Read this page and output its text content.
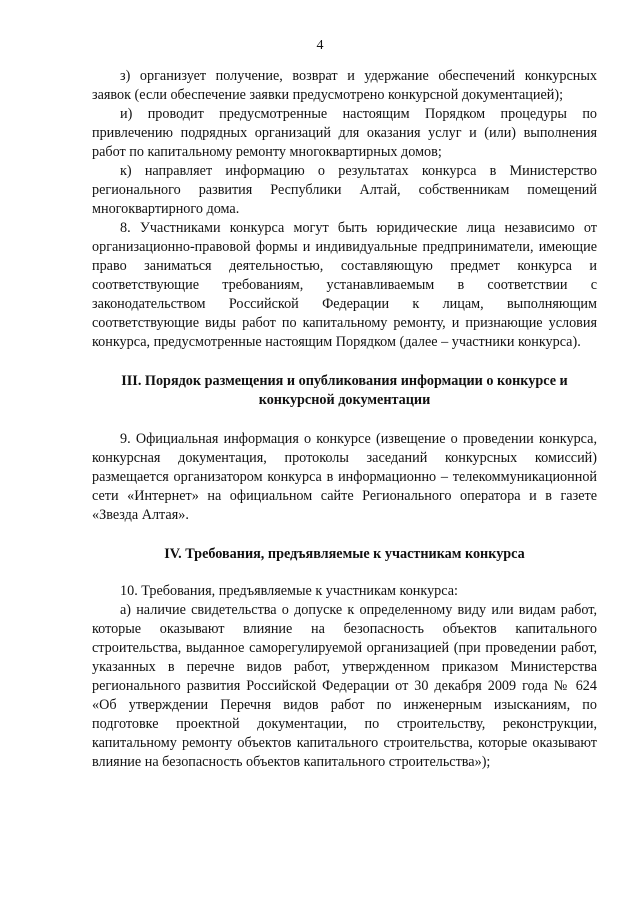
4

з) организует получение, возврат и удержание обеспечений конкурсных заявок (если обеспечение заявки предусмотрено конкурсной документацией);

и) проводит предусмотренные настоящим Порядком процедуры по привлечению подрядных организаций для оказания услуг и (или) выполнения работ по капитальному ремонту многоквартирных домов;

к) направляет информацию о результатах конкурса в Министерство регионального развития Республики Алтай, собственникам помещений многоквартирного дома.

8. Участниками конкурса могут быть юридические лица независимо от организационно-правовой формы и индивидуальные предприниматели, имеющие право заниматься деятельностью, составляющую предмет конкурса и соответствующие требованиям, устанавливаемым в соответствии с законодательством Российской Федерации к лицам, выполняющим соответствующие виды работ по капитальному ремонту, и признающие условия конкурса, предусмотренные настоящим Порядком (далее – участники конкурса).

III. Порядок размещения и опубликования информации о конкурсе и конкурсной документации

9. Официальная информация о конкурсе (извещение о проведении конкурса, конкурсная документация, протоколы заседаний конкурсных комиссий) размещается организатором конкурса в информационно – телекоммуникационной сети «Интернет» на официальном сайте Регионального оператора и в газете «Звезда Алтая».

IV. Требования, предъявляемые к участникам конкурса

10. Требования, предъявляемые к участникам конкурса:

а) наличие свидетельства о допуске к определенному виду или видам работ, которые оказывают влияние на безопасность объектов капитального строительства, выданное саморегулируемой организацией (при проведении работ, указанных в перечне видов работ, утвержденном приказом Министерства регионального развития Российской Федерации от 30 декабря 2009 года № 624 «Об утверждении Перечня видов работ по инженерным изысканиям, по подготовке проектной документации, по строительству, реконструкции, капитальному ремонту объектов капитального строительства, которые оказывают влияние на безопасность объектов капитального строительства»);
